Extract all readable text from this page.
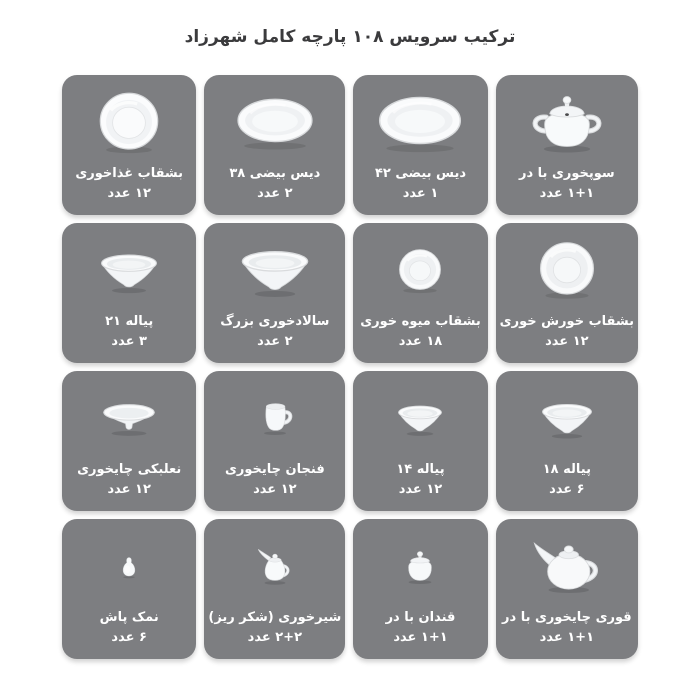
ترکیب سرویس ۱۰۸ پارچه کامل شهرزاد
سوپخوری با در
۱+۱ عدد
دیس بیضی ۴۲
۱ عدد
دیس بیضی ۳۸
۲ عدد
بشقاب غذاخوری
۱۲ عدد
بشقاب خورش خوری
۱۲ عدد
بشقاب میوه خوری
۱۸ عدد
سالادخوری بزرگ
۲ عدد
پیاله ۲۱
۳ عدد
پیاله ۱۸
۶ عدد
پیاله ۱۴
۱۲ عدد
فنجان چایخوری
۱۲ عدد
نعلبکی چایخوری
۱۲ عدد
قوری چایخوری با در
۱+۱ عدد
قندان با در
۱+۱ عدد
شیرخوری (شکر ریز)
۲+۲ عدد
نمک پاش
۶ عدد
